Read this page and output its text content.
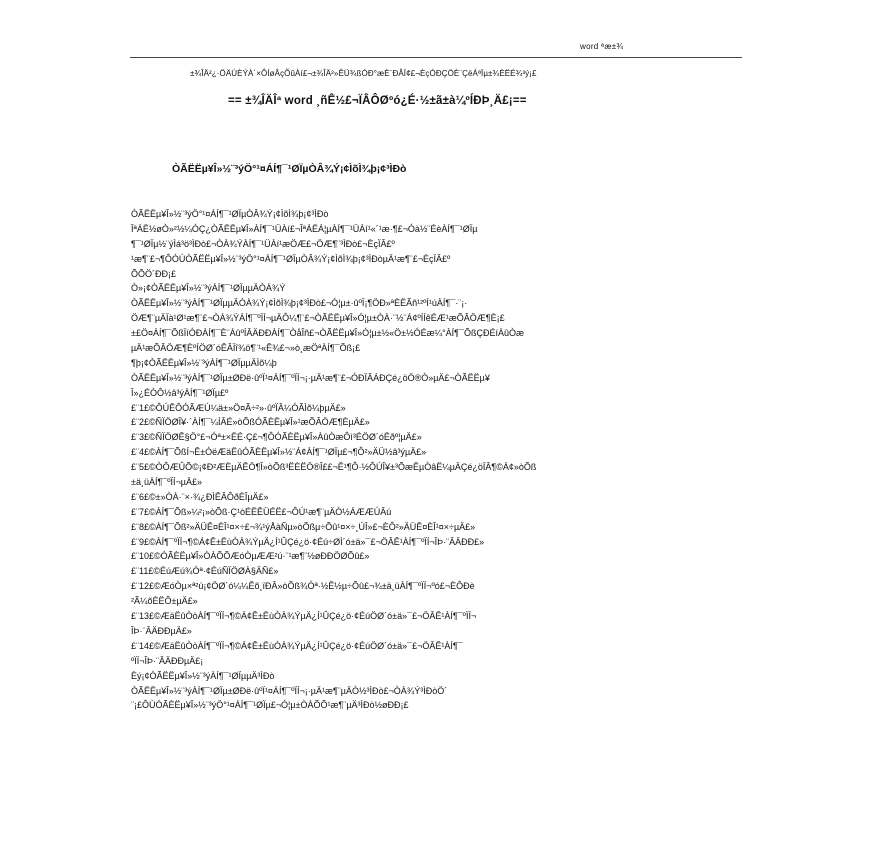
word ªæ±¾
±¾ÎÄ²¿·ÖÄÚÈÝÀ´×ÔÍøÂçÕûÀí£¬±¾ÎÄ²»ÊÜ¾ßÓÐ°æÈ¨ÐÅÏ¢£¬ÈçÓÐÇÖÈ¨ÇëÁªÏµ±¾ÈËÉ¾³ý¡£
== ±¾ÎÄÎª word ¸ñÊ½£¬ÏÂÔØºó¿É·½±ã±à¼ºÍÐÞ¸Ä£¡==
ÒÃËËµ¥Î»½¨³ýÖ°¹¤ÁÍ¶¯¹ØÏµÒÂ¾Ý¡¢ÌõÌ¾þ¡¢³ÌÐò
ÒÃËËµ¥Î»½¨³ýÖ°¹¤ÁÍ¶¯¹ØÏµÒÂ¾Ý¡¢ÌõÌ¾þ¡¢³ÌÐò
ÎªÁË½øÒ»²½¼ÓÇ¿ÒÃËËµ¥Î»ÀÍ¶¯¹ÜÀí£¬ÎªÁËÁ¦µÀÍ¶¯¹ÜÀí¹«´¹æ·¶£¬Óà½¨ÉèÀÍ¶¯¹ØÏµ
¶¯¹ØÏµ½¨ýÌá³ö³ÌÐò£¬ÒÀ¾ÝÀÍ¶¯¹ÜÀí¹æÖÆ£¬ÖÆ¶¨³ÌÐò£¬ÈçÏÂ£º
¹æ¶¨£¬¶ÔÓÚÒÃËËµ¥Î»½¨³ýÖ°¹¤ÁÍ¶¯¹ØÏµÒÂ¾Ý¡¢ÌõÌ¾þ¡¢³ÌÐòµÄ¹æ¶¨£¬ÈçÏÂ£º
ÕÕÖ´ÐÐ¡£
Ò»¡¢ÒÃËËµ¥Î»½¨³ýÀÍ¶¯¹ØÏµµÄÒÀ¾Ý
ÒÃËËµ¥Î»½¨³ýÀÍ¶¯¹ØÏµµÄÒÀ¾Ý¡¢ÌõÌ¾þ¡¢³ÌÐò£¬Ó¦µ±·ûºÏ¡¶ÖÐ»ªÈËÃñ¹²ºÍ¹úÀÍ¶¯·¨¡·
ÖÆ¶¨µÄÏà¹Ø¹æ¶¨£¬ÒÀ¾ÝÀÍ¶¯ºÏÍ¬µÄÔ¼¶¨£¬ÒÃËËµ¥Î»Ó¦µ±ÒÀ·¨½¨Á¢ºÍÍêÉÆ¹æÕÂÖÆ¶È¡£
±£Ö¤ÀÍ¶¯ÕßÏíÓÐÀÍ¶¯È¨ÀûºÍÂÄÐÐÀÍ¶¯ÒåÎñ£¬ÒÃËËµ¥Î»Ó¦µ±½«Ö±½ÓÉæ¼°ÀÍ¶¯ÕßÇÐÉíÀûÒæ
µÄ¹æÕÂÖÆ¶ÈºÍÖØ´óÊÂÏî¾ö¶¨¹«Ê¾£¬»ò¸æÖªÀÍ¶¯Õß¡£
¶þ¡¢ÒÃËËµ¥Î»½¨³ýÀÍ¶¯¹ØÏµµÄÌõ¼þ
ÒÃËËµ¥Î»½¨³ýÀÍ¶¯¹ØÏµ±ØÐë·ûºÏ¹¤ÁÍ¶¯ºÏÍ¬¡·µÄ¹æ¶¨£¬ÓÐÏÂÁÐÇé¿öÖ®Ò»µÄ£¬ÒÃËËµ¥
Î»¿ÉÒÔ½â³ýÀÍ¶¯¹ØÏµ£º
£¨1£©ÔÚÊÔÓÃÆÚ¼ä±»Ö¤Ã÷²»·ûºÏÂ¼ÓÃÌõ¼þµÄ£»
£¨2£©ÑÏÖØÎ¥·´ÀÍ¶¯¼ÍÂÉ»òÕßÓÃÈËµ¥Î»¹æÕÂÖÆ¶ÈµÄ£»
£¨3£©ÑÏÖØÊ§Ö°£¬Óª±×ËÉ·Ç£¬¶ÔÓÃÈËµ¥Î»ÀûÒæÔì³ÉÖØ´óËðº¦µÄ£»
£¨4£©ÀÍ¶¯ÕßÍ¬Ê±ÓëÆäËûÓÃÈËµ¥Î»½¨Á¢ÀÍ¶¯¹ØÏµ£¬¶Ô²»ÄÜ½â³ýµÄ£»
£¨5£©ÒÔÆÛÕ©¡¢Ð²ÆÈµÄÊÖ¶Î»òÕß³ËÈËÖ®Î££¬Ê¹¶Ô·½ÔÚÎ¥±³ÕæÊµÒâË¼µÄÇé¿öÏÂ¶©Á¢»òÕß
±ä¸üÀÍ¶¯ºÏÍ¬µÄ£»
£¨6£©±»ÒÀ·¨×·¾¿ÐÌÊÂÔðÈÎµÄ£»
£¨7£©ÀÍ¶¯Õß»¼²¡»òÕß·Ç¹òÉËÊÜÉË£¬ÔÚ¹æ¶¨µÄÒ½ÁÆÆÚÂú
£¨8£©ÀÍ¶¯Õß²»ÄÜÊ¤ÈÎ¹¤×÷£¬¾¹ýÅàÑµ»òÕßµ÷Õû¹¤×÷¸ÚÎ»£¬ÈÔ²»ÄÜÊ¤ÈÎ¹¤×÷µÄ£»
£¨9£©ÀÍ¶¯ºÏÍ¬¶©Á¢Ê±ËùÒÀ¾ÝµÄ¿Í¹ÛÇé¿ö·¢Éú÷ØÌ´ó±ä»¯£¬ÖÂÊ¹ÀÍ¶¯ºÏÍ¬ÎÞ·¨ÂÄÐÐ£»
£¨10£©ÓÃÈËµ¥Î»ÒÀÕÕÆóÒµÆÆ²ú·¨¹æ¶¨½øÐÐÖØÕû£»
£¨11£©ÉúÆú¾Óª·¢ÉúÑÏÖØÀ§ÄÑ£»
£¨12£©ÆóÒµ×ª²ú¡¢ÖØ´ó¼¼Êõ¸ïÐÂ»òÕß¾Óª·½Ê½µ÷Õû£¬¾±ä¸üÀÍ¶¯ºÏÍ¬ºó£¬ÈÔÐè
²Ã¼õÈËÔ±µÄ£»
£¨13£©ÆäËûÒòÀÍ¶¯ºÏÍ¬¶©Á¢Ê±ËùÒÀ¾ÝµÄ¿Í¹ÛÇé¿ö·¢ÉúÖØ´ó±ä»¯£¬ÖÂÊ¹ÀÍ¶¯ºÏÍ¬
ÎÞ·¨ÂÄÐÐµÄ£»
£¨14£©ÆäËûÒòÀÍ¶¯ºÏÍ¬¶©Á¢Ê±ËùÒÀ¾ÝµÄ¿Í¹ÛÇé¿ö·¢ÉúÖØ´ó±ä»¯£¬ÖÂÊ¹ÀÍ¶¯
ºÏÍ¬ÎÞ·¨ÂÄÐÐµÄ£¡
Èý¡¢ÒÃËËµ¥Î»½¨³ýÀÍ¶¯¹ØÏµµÄ³ÌÐò
ÒÃËËµ¥Î»½¨³ýÀÍ¶¯¹ØÏµ±ØÐë·ûºÏ¹¤ÁÍ¶¯ºÏÍ¬¡·µÄ¹æ¶¨µÄÒ½³ÌÐò£¬ÒÀ¾Ý³ÌÐòÖ´
¨¡£ÔÙÓÃÈËµ¥Î»½¨³ýÖ°¹¤ÀÍ¶¯¹ØÏµ£¬Ó¦µ±ÒÀÕÕ¹æ¶¨µÄ³ÌÐò½øÐÐ¡£
